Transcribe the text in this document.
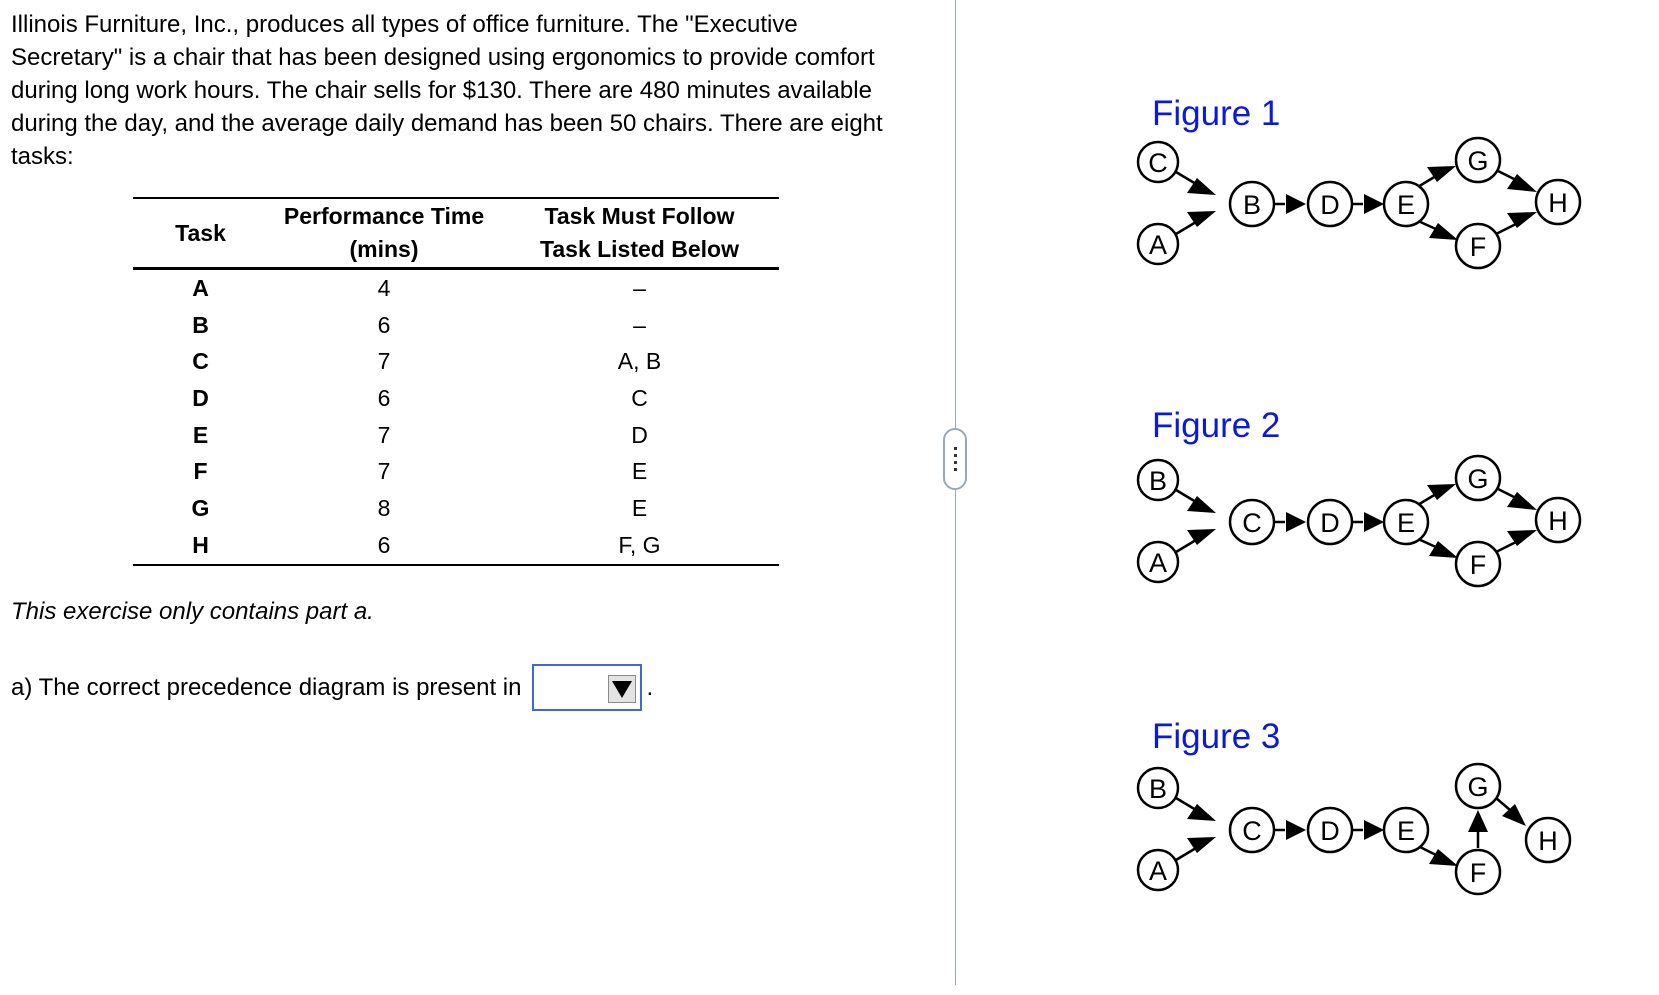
Illinois Furniture, Inc., produces all types of office furniture. The "Executive Secretary" is a chair that has been designed using ergonomics to provide comfort during long work hours. The chair sells for $130. There are 480 minutes available during the day, and the average daily demand has been 50 chairs. There are eight tasks:
Task	Performance Time (mins)	Task Must Follow Task Listed Below
A	4	–
B	6	–
C	7	A, B
D	6	C
E	7	D
F	7	E
G	8	E
H	6	F, G
This exercise only contains part a.
a) The correct precedence diagram is present in	.
Figure 1
C
A
B D E
G
F
H
Figure 2
B
A
C D E
G
F
H
Figure 3
B
A
C D E
G
F
H
